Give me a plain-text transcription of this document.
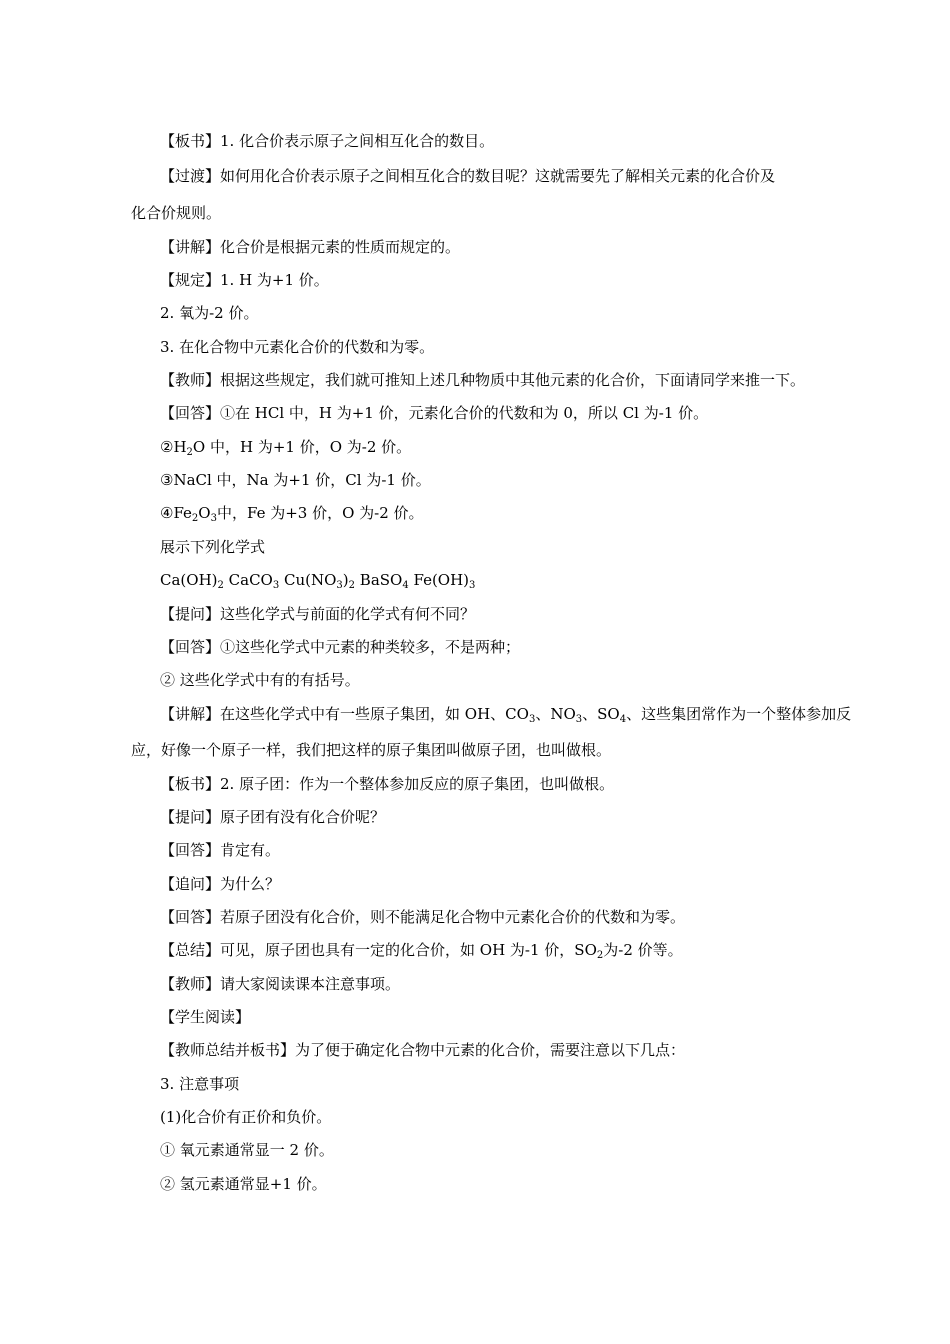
【板书】1. 化合价表示原子之间相互化合的数目。
【过渡】如何用化合价表示原子之间相互化合的数目呢？这就需要先了解相关元素的化合价及
化合价规则。
【讲解】化合价是根据元素的性质而规定的。
【规定】1. H 为+1 价。
2. 氧为-2 价。
3. 在化合物中元素化合价的代数和为零。
【教师】根据这些规定，我们就可推知上述几种物质中其他元素的化合价，下面请同学来推一下。
【回答】①在 HCl 中，H 为+1 价，元素化合价的代数和为 0，所以 Cl 为-1 价。
$②H_2O$ 中，H 为+1 价，O 为-2 价。
③NaCl 中，Na 为+1 价，Cl 为-1 价。
$④Fe_2O_3$中，Fe 为+3 价，O 为-2 价。
展示下列化学式
$Ca(OH)_2$ CaCO$_3$ $Cu(NO_3)_2$ BaSO$_4$ $Fe(OH)_3$
【提问】这些化学式与前面的化学式有何不同？
【回答】①这些化学式中元素的种类较多，不是两种；
② 这些化学式中有的有括号。
【讲解】在这些化学式中有一些原子集团，如 OH、$CO_3$、$NO_3$、$SO_4$、这些集团常作为一个整体参加反
应，好像一个原子一样，我们把这样的原子集团叫做原子团，也叫做根。
【板书】2. 原子团：作为一个整体参加反应的原子集团，也叫做根。
【提问】原子团有没有化合价呢？
【回答】肯定有。
【追问】为什么？
【回答】若原子团没有化合价，则不能满足化合物中元素化合价的代数和为零。
【总结】可见，原子团也具有一定的化合价，如 OH 为-1 价，$SO_2$为-2 价等。
【教师】请大家阅读课本注意事项。
【学生阅读】
【教师总结并板书】为了便于确定化合物中元素的化合价，需要注意以下几点：
3. 注意事项
(1)化合价有正价和负价。
① 氧元素通常显一 2 价。
② 氢元素通常显+1 价。
